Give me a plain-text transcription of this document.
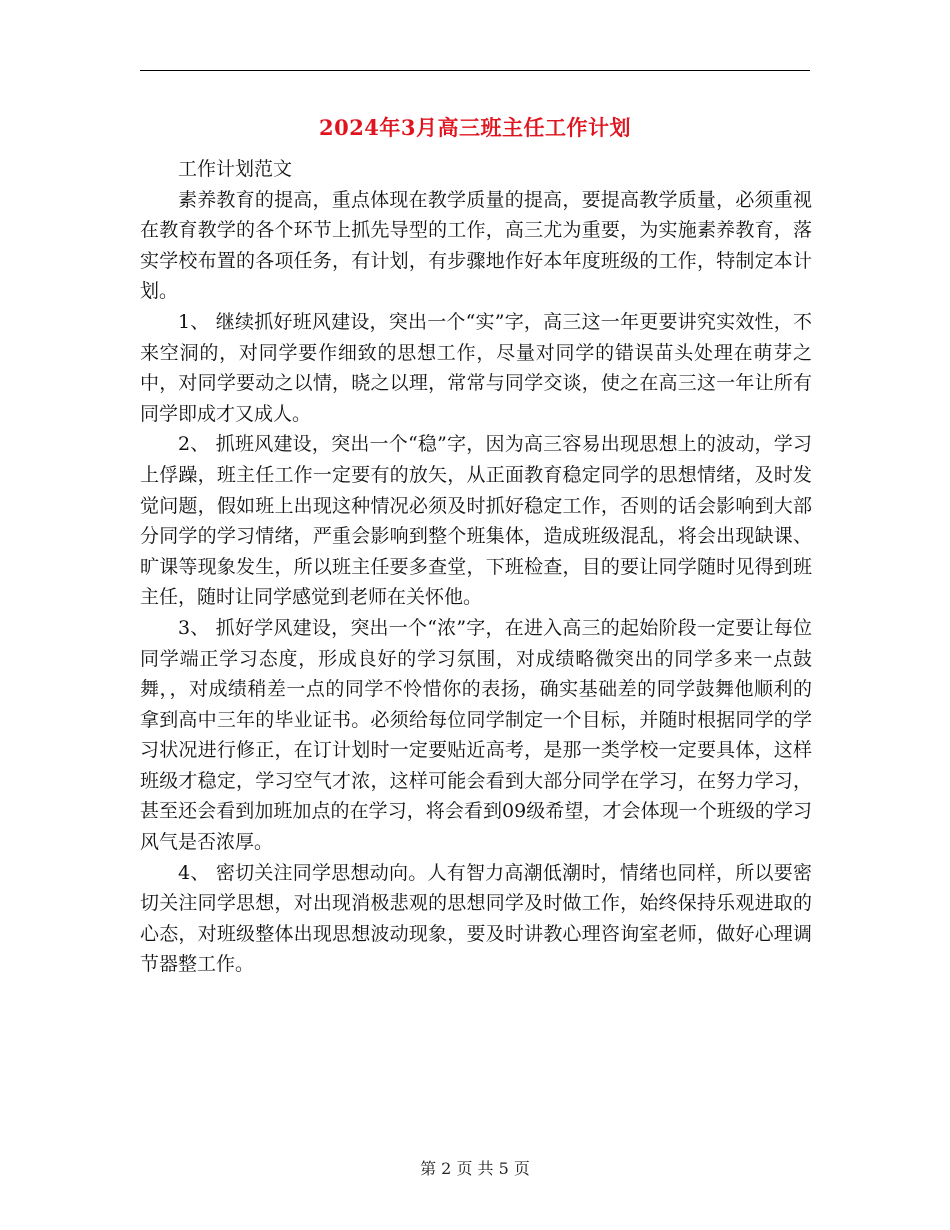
2024年3月高三班主任工作计划

工作计划范文

素养教育的提高，重点体现在教学质量的提高，要提高教学质量，必须重视在教育教学的各个环节上抓先导型的工作，高三尤为重要，为实施素养教育，落实学校布置的各项任务，有计划，有步骤地作好本年度班级的工作，特制定本计划。

1、 继续抓好班风建设，突出一个“实”字，高三这一年更要讲究实效性，不来空洞的，对同学要作细致的思想工作，尽量对同学的错误苗头处理在萌芽之中，对同学要动之以情，晓之以理，常常与同学交谈，使之在高三这一年让所有同学即成才又成人。

2、 抓班风建设，突出一个“稳”字，因为高三容易出现思想上的波动，学习上俘躁，班主任工作一定要有的放矢，从正面教育稳定同学的思想情绪，及时发觉问题，假如班上出现这种情况必须及时抓好稳定工作，否则的话会影响到大部分同学的学习情绪，严重会影响到整个班集体，造成班级混乱，将会出现缺课、旷课等现象发生，所以班主任要多查堂，下班检查，目的要让同学随时见得到班主任，随时让同学感觉到老师在关怀他。

3、 抓好学风建设，突出一个“浓”字，在进入高三的起始阶段一定要让每位同学端正学习态度，形成良好的学习氛围，对成绩略微突出的同学多来一点鼓舞，，对成绩稍差一点的同学不怜惜你的表扬，确实基础差的同学鼓舞他顺利的拿到高中三年的毕业证书。必须给每位同学制定一个目标，并随时根据同学的学习状况进行修正，在订计划时一定要贴近高考，是那一类学校一定要具体，这样班级才稳定，学习空气才浓，这样可能会看到大部分同学在学习，在努力学习，甚至还会看到加班加点的在学习，将会看到09级希望，才会体现一个班级的学习风气是否浓厚。

4、 密切关注同学思想动向。人有智力高潮低潮时，情绪也同样，所以要密切关注同学思想，对出现消极悲观的思想同学及时做工作，始终保持乐观进取的心态，对班级整体出现思想波动现象，要及时讲教心理咨询室老师，做好心理调节器整工作。

第 2 页 共 5 页
